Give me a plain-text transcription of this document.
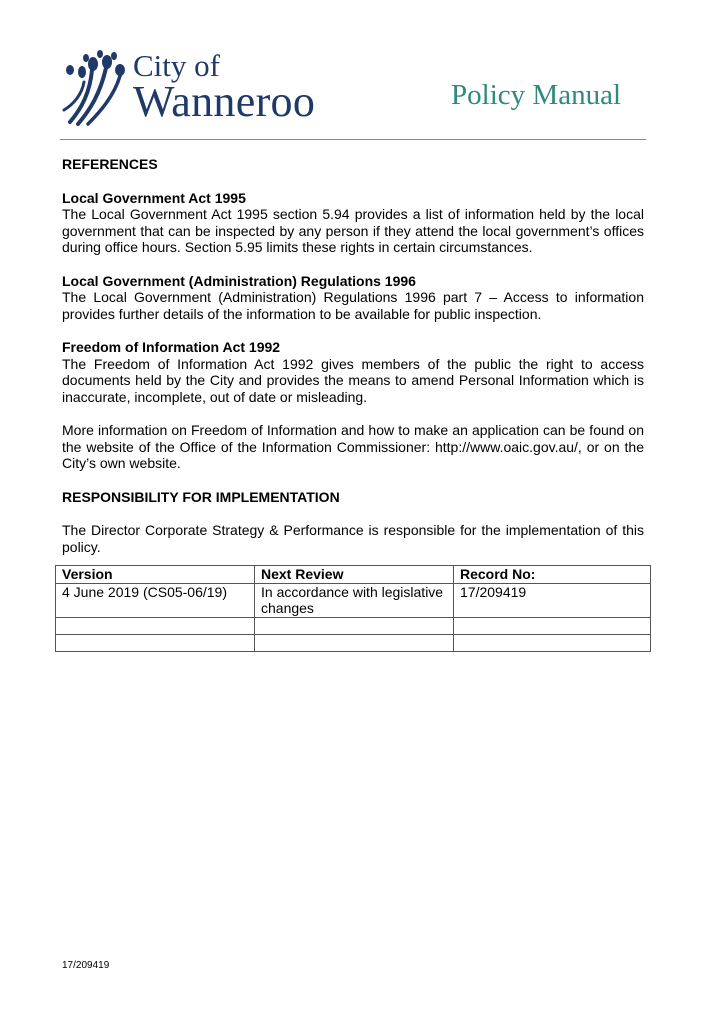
City of
Wanneroo	Policy Manual

REFERENCES

Local Government Act 1995

The Local Government Act 1995 section 5.94 provides a list of information held by the local government that can be inspected by any person if they attend the local government’s offices during office hours. Section 5.95 limits these rights in certain circumstances.

Local Government (Administration) Regulations 1996

The Local Government (Administration) Regulations 1996 part 7 – Access to information provides further details of the information to be available for public inspection.

Freedom of Information Act 1992

The Freedom of Information Act 1992 gives members of the public the right to access documents held by the City and provides the means to amend Personal Information which is inaccurate, incomplete, out of date or misleading.

More information on Freedom of Information and how to make an application can be found on the website of the Office of the Information Commissioner: http://www.oaic.gov.au/, or on the City’s own website.

RESPONSIBILITY FOR IMPLEMENTATION

The Director Corporate Strategy & Performance is responsible for the implementation of this policy.

Version	Next Review	Record No:
4 June 2019 (CS05-06/19)	In accordance with legislative changes	17/209419

17/209419
